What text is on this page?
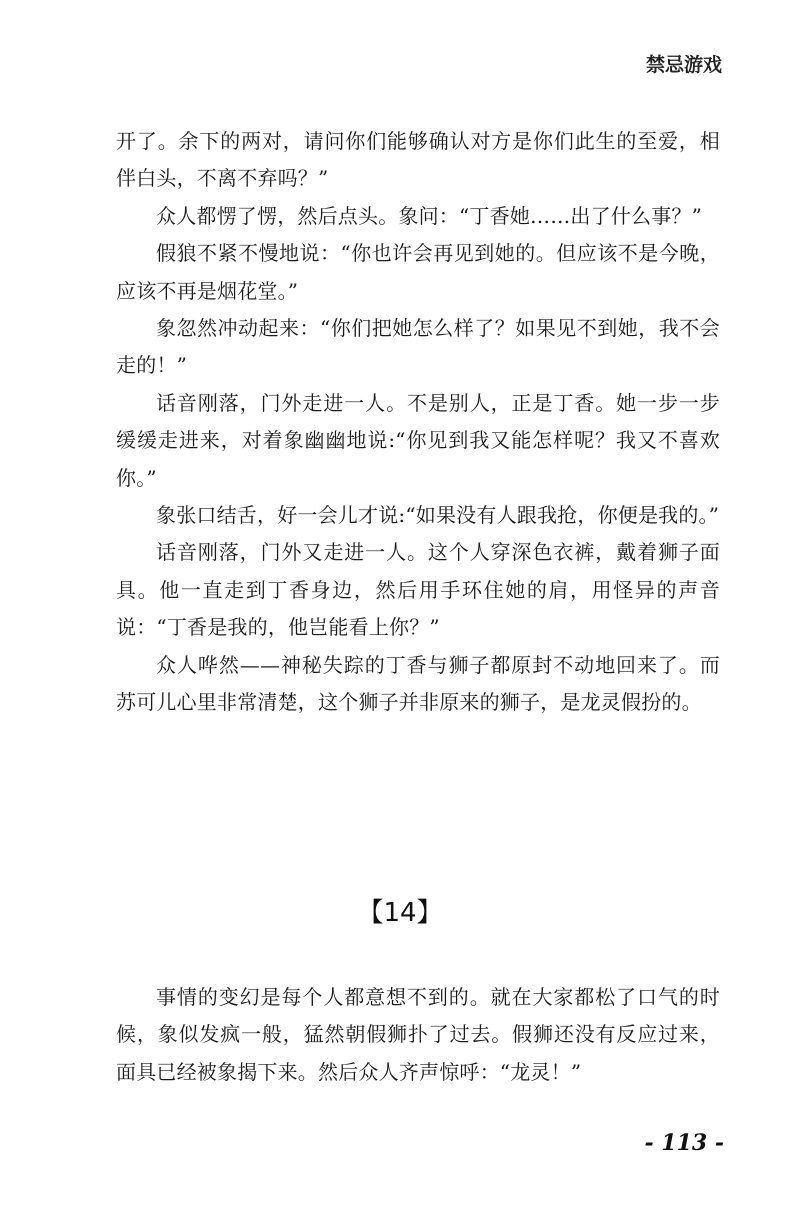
禁忌游戏

开了。余下的两对，请问你们能够确认对方是你们此生的至爱，相伴白头，不离不弃吗？”

众人都愣了愣，然后点头。象问：“丁香她……出了什么事？”

假狼不紧不慢地说：“你也许会再见到她的。但应该不是今晚，应该不再是烟花堂。”

象忽然冲动起来：“你们把她怎么样了？如果见不到她，我不会走的！”

话音刚落，门外走进一人。不是别人，正是丁香。她一步一步缓缓走进来，对着象幽幽地说:“你见到我又能怎样呢？我又不喜欢你。”

象张口结舌，好一会儿才说:“如果没有人跟我抢，你便是我的。”

话音刚落，门外又走进一人。这个人穿深色衣裤，戴着狮子面具。他一直走到丁香身边，然后用手环住她的肩，用怪异的声音说：“丁香是我的，他岂能看上你？”

众人哗然——神秘失踪的丁香与狮子都原封不动地回来了。而苏可儿心里非常清楚，这个狮子并非原来的狮子，是龙灵假扮的。

【14】

事情的变幻是每个人都意想不到的。就在大家都松了口气的时候，象似发疯一般，猛然朝假狮扑了过去。假狮还没有反应过来，面具已经被象揭下来。然后众人齐声惊呼：“龙灵！”

- 113 -
